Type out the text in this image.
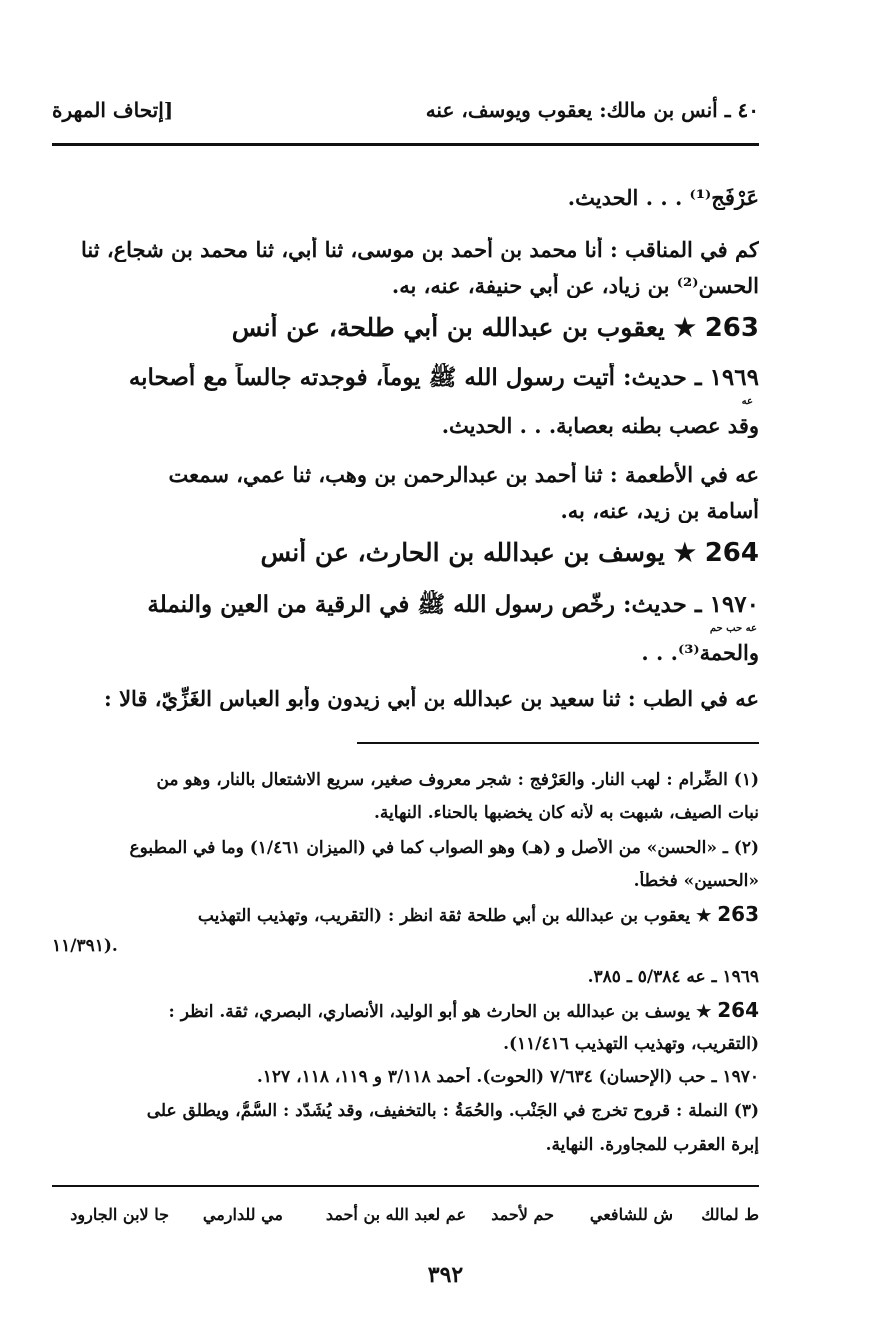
٤٠ ـ أنس بن مالك: يعقوب ويوسف، عنه
[إتحاف المهرة
عَرْفَج⁽¹⁾ . . . الحديث.
كم في المناقب : أنا محمد بن أحمد بن موسى، ثنا أبي، ثنا محمد بن شجاع، ثنا
الحسن⁽²⁾ بن زياد، عن أبي حنيفة، عنه، به.
263 ★ يعقوب بن عبدالله بن أبي طلحة، عن أنس
١٩٦٩ ـ حديث: أتيت رسول الله ﷺ يوماً، فوجدته جالساً مع أصحابه
عه
وقد عصب بطنه بعصابة. . . الحديث.
عه في الأطعمة : ثنا أحمد بن عبدالرحمن بن وهب، ثنا عمي، سمعت
أسامة بن زيد، عنه، به.
264 ★ يوسف بن عبدالله بن الحارث، عن أنس
١٩٧٠ ـ حديث: رخّص رسول الله ﷺ في الرقية من العين والنملة
عه حب حم
والحمة⁽³⁾. . .
عه في الطب : ثنا سعيد بن عبدالله بن أبي زيدون وأبو العباس الغَزِّيّ، قالا :
(١) الضِّرام : لهب النار. والعَرْفج : شجر معروف صغير، سريع الاشتعال بالنار، وهو من
نبات الصيف، شبهت به لأنه كان يخضبها بالحناء. النهاية.
(٢) ـ «الحسن» من الأصل و (هـ) وهو الصواب كما في (الميزان ١/٤٦١) وما في المطبوع
«الحسين» فخطأ.
263 ★ يعقوب بن عبدالله بن أبي طلحة ثقة انظر : (التقريب، وتهذيب التهذيب
١١/٣٩١).
١٩٦٩ ـ عه ٥/٣٨٤ ـ ٣٨٥.
264 ★ يوسف بن عبدالله بن الحارث هو أبو الوليد، الأنصاري، البصري، ثقة. انظر :
(التقريب، وتهذيب التهذيب ١١/٤١٦).
١٩٧٠ ـ حب (الإحسان) ٧/٦٣٤ (الحوت). أحمد ٣/١١٨ و ١١٩، ١١٨، ١٢٧.
(٣) النملة : قروح تخرج في الجَنْب. والحُمَةُ : بالتخفيف، وقد يُشَدّد : السُّمُّ، ويطلق على
إبرة العقرب للمجاورة. النهاية.
ط لمالك
ش للشافعي
حم لأحمد
عم لعبد الله بن أحمد
مي للدارمي
جا لابن الجارود
٣٩٢
